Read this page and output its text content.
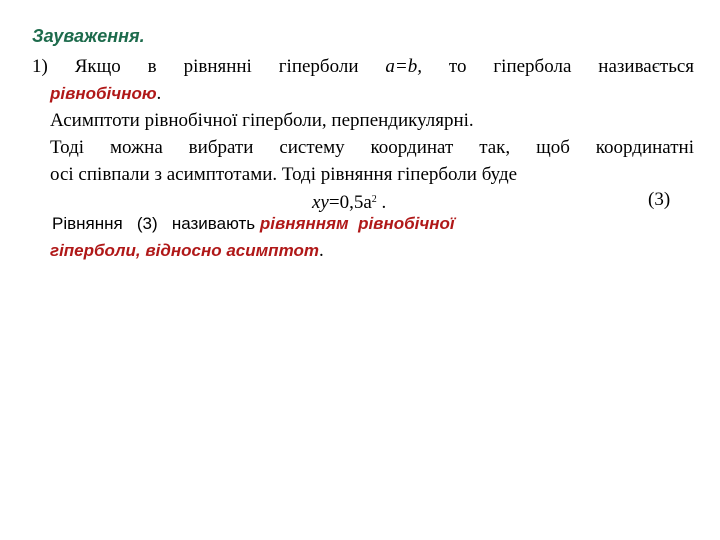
Зауваження.
1) Якщо в рівнянні гіперболи a=b, то гіпербола називається
рівнобічною.
Асимптоти рівнобічної гіперболи, перпендикулярні.
Тоді можна вибрати систему координат так, щоб координатні
осі співпали з асимптотами. Тоді рівняння гіперболи буде
$xy=0,5a^2$ .	(3)
Рівняння   (3)   називають рівнянням  рівнобічної
гіперболи, відносно асимптот.
